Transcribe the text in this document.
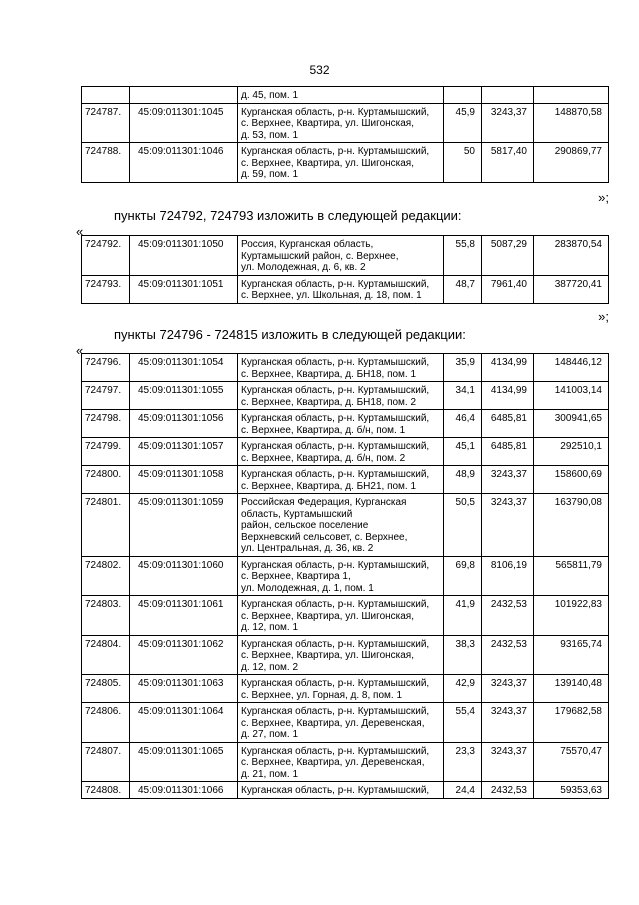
532

		д. 45, пом. 1			

724787.	45:09:011301:1045	Курганская область, р-н. Куртамышский,
с. Верхнее, Квартира, ул. Шигонская,
д. 53, пом. 1	45,9	3243,37	148870,58
724788.	45:09:011301:1046	Курганская область, р-н. Куртамышский,
с. Верхнее, Квартира, ул. Шигонская,
д. 59, пом. 1	50	5817,40	290869,77
»;
пункты 724792, 724793 изложить в следующей редакции:
«
724792.	45:09:011301:1050	Россия, Курганская область,
Куртамышский район, с. Верхнее,
ул. Молодежная, д. 6, кв. 2	55,8	5087,29	283870,54
724793.	45:09:011301:1051	Курганская область, р-н. Куртамышский,
с. Верхнее, ул. Школьная, д. 18, пом. 1	48,7	7961,40	387720,41
»;
пункты 724796 - 724815 изложить в следующей редакции:
«
724796.	45:09:011301:1054	Курганская область, р-н. Куртамышский,
с. Верхнее, Квартира, д. БН18, пом. 1	35,9	4134,99	148446,12
724797.	45:09:011301:1055	Курганская область, р-н. Куртамышский,
с. Верхнее, Квартира, д. БН18, пом. 2	34,1	4134,99	141003,14
724798.	45:09:011301:1056	Курганская область, р-н. Куртамышский,
с. Верхнее, Квартира, д. б/н, пом. 1	46,4	6485,81	300941,65
724799.	45:09:011301:1057	Курганская область, р-н. Куртамышский,
с. Верхнее, Квартира, д. б/н, пом. 2	45,1	6485,81	292510,1
724800.	45:09:011301:1058	Курганская область, р-н. Куртамышский,
с. Верхнее, Квартира, д. БН21, пом. 1	48,9	3243,37	158600,69
724801.	45:09:011301:1059	Российская Федерация, Курганская
область, Куртамышский
район, сельское поселение
Верхневский сельсовет, с. Верхнее,
ул. Центральная, д. 36, кв. 2	50,5	3243,37	163790,08
724802.	45:09:011301:1060	Курганская область, р-н. Куртамышский,
с. Верхнее, Квартира 1,
ул. Молодежная, д. 1, пом. 1	69,8	8106,19	565811,79
724803.	45:09:011301:1061	Курганская область, р-н. Куртамышский,
с. Верхнее, Квартира, ул. Шигонская,
д. 12, пом. 1	41,9	2432,53	101922,83
724804.	45:09:011301:1062	Курганская область, р-н. Куртамышский,
с. Верхнее, Квартира, ул. Шигонская,
д. 12, пом. 2	38,3	2432,53	93165,74
724805.	45:09:011301:1063	Курганская область, р-н. Куртамышский,
с. Верхнее, ул. Горная, д. 8, пом. 1	42,9	3243,37	139140,48
724806.	45:09:011301:1064	Курганская область, р-н. Куртамышский,
с. Верхнее, Квартира, ул. Деревенская,
д. 27, пом. 1	55,4	3243,37	179682,58
724807.	45:09:011301:1065	Курганская область, р-н. Куртамышский,
с. Верхнее, Квартира, ул. Деревенская,
д. 21, пом. 1	23,3	3243,37	75570,47
724808.	45:09:011301:1066	Курганская область, р-н. Куртамышский,	24,4	2432,53	59353,63
